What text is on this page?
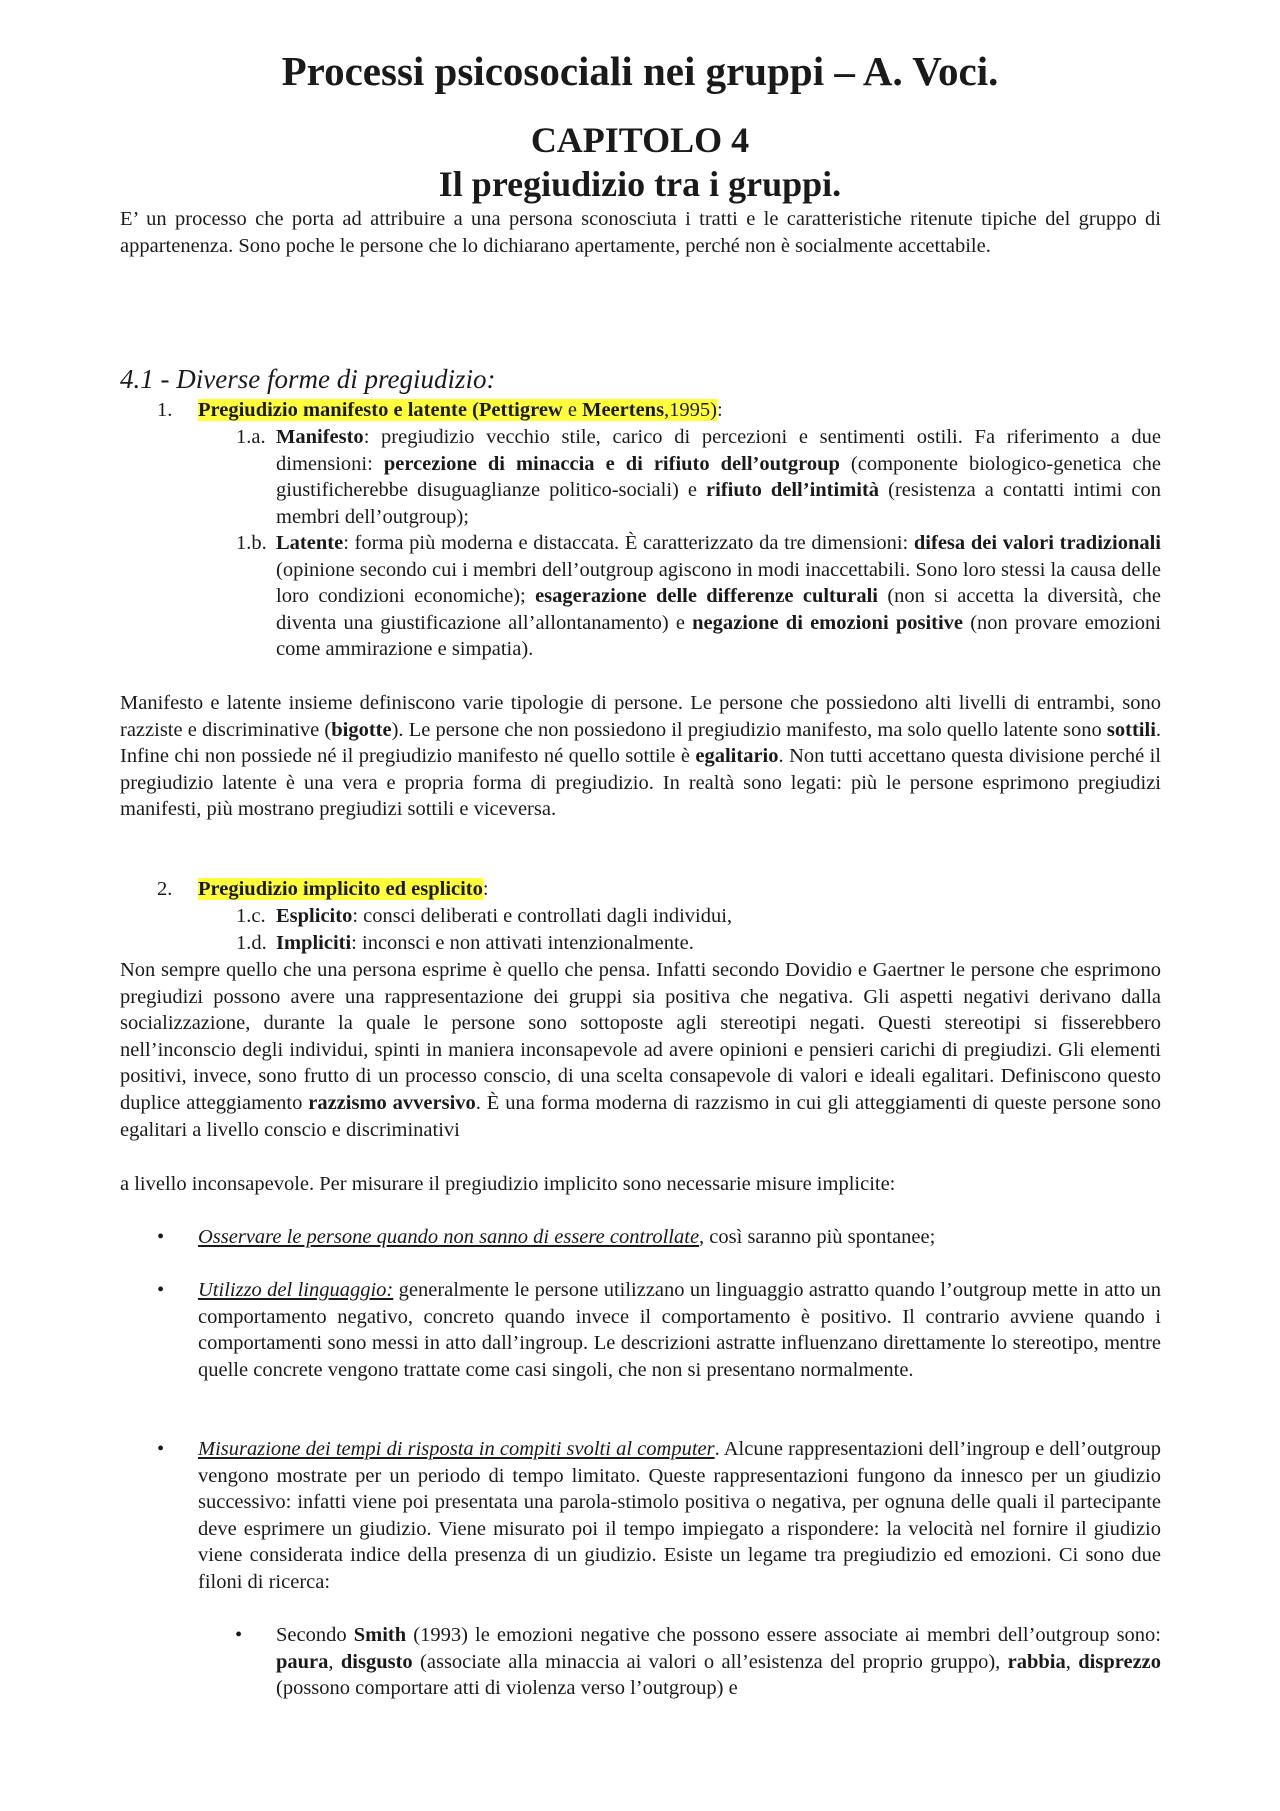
Processi psicosociali nei gruppi – A. Voci.
CAPITOLO 4
Il pregiudizio tra i gruppi.

E’ un processo che porta ad attribuire a una persona sconosciuta i tratti e le caratteristiche ritenute tipiche del gruppo di appartenenza. Sono poche le persone che lo dichiarano apertamente, perché non è socialmente accettabile.

4.1 - Diverse forme di pregiudizio:
1. Pregiudizio manifesto e latente (Pettigrew e Meertens,1995):
1.a. Manifesto: pregiudizio vecchio stile, carico di percezioni e sentimenti ostili. Fa riferimento a due dimensioni: percezione di minaccia e di rifiuto dell’outgroup (componente biologico-genetica che giustificherebbe disuguaglianze politico-sociali) e rifiuto dell’intimità (resistenza a contatti intimi con membri dell’outgroup);
1.b. Latente: forma più moderna e distaccata. È caratterizzato da tre dimensioni: difesa dei valori tradizionali (opinione secondo cui i membri dell’outgroup agiscono in modi inaccettabili. Sono loro stessi la causa delle loro condizioni economiche); esagerazione delle differenze culturali (non si accetta la diversità, che diventa una giustificazione all’allontanamento) e negazione di emozioni positive (non provare emozioni come ammirazione e simpatia).

Manifesto e latente insieme definiscono varie tipologie di persone. Le persone che possiedono alti livelli di entrambi, sono razziste e discriminative (bigotte). Le persone che non possiedono il pregiudizio manifesto, ma solo quello latente sono sottili. Infine chi non possiede né il pregiudizio manifesto né quello sottile è egalitario. Non tutti accettano questa divisione perché il pregiudizio latente è una vera e propria forma di pregiudizio. In realtà sono legati: più le persone esprimono pregiudizi manifesti, più mostrano pregiudizi sottili e viceversa.

2. Pregiudizio implicito ed esplicito:
1.c. Esplicito: consci deliberati e controllati dagli individui,
1.d. Impliciti: inconsci e non attivati intenzionalmente.

Non sempre quello che una persona esprime è quello che pensa. Infatti secondo Dovidio e Gaertner le persone che esprimono pregiudizi possono avere una rappresentazione dei gruppi sia positiva che negativa. Gli aspetti negativi derivano dalla socializzazione, durante la quale le persone sono sottoposte agli stereotipi negati. Questi stereotipi si fisserebbero nell’inconscio degli individui, spinti in maniera inconsapevole ad avere opinioni e pensieri carichi di pregiudizi. Gli elementi positivi, invece, sono frutto di un processo conscio, di una scelta consapevole di valori e ideali egalitari. Definiscono questo duplice atteggiamento razzismo avversivo. È una forma moderna di razzismo in cui gli atteggiamenti di queste persone sono egalitari a livello conscio e discriminativi

a livello inconsapevole. Per misurare il pregiudizio implicito sono necessarie misure implicite:

• Osservare le persone quando non sanno di essere controllate, così saranno più spontanee;
• Utilizzo del linguaggio: generalmente le persone utilizzano un linguaggio astratto quando l’outgroup mette in atto un comportamento negativo, concreto quando invece il comportamento è positivo. Il contrario avviene quando i comportamenti sono messi in atto dall’ingroup. Le descrizioni astratte influenzano direttamente lo stereotipo, mentre quelle concrete vengono trattate come casi singoli, che non si presentano normalmente.
• Misurazione dei tempi di risposta in compiti svolti al computer. Alcune rappresentazioni dell’ingroup e dell’outgroup vengono mostrate per un periodo di tempo limitato. Queste rappresentazioni fungono da innesco per un giudizio successivo: infatti viene poi presentata una parola-stimolo positiva o negativa, per ognuna delle quali il partecipante deve esprimere un giudizio. Viene misurato poi il tempo impiegato a rispondere: la velocità nel fornire il giudizio viene considerata indice della presenza di un giudizio. Esiste un legame tra pregiudizio ed emozioni. Ci sono due filoni di ricerca:
• Secondo Smith (1993) le emozioni negative che possono essere associate ai membri dell’outgroup sono: paura, disgusto (associate alla minaccia ai valori o all’esistenza del proprio gruppo), rabbia, disprezzo (possono comportare atti di violenza verso l’outgroup) e
